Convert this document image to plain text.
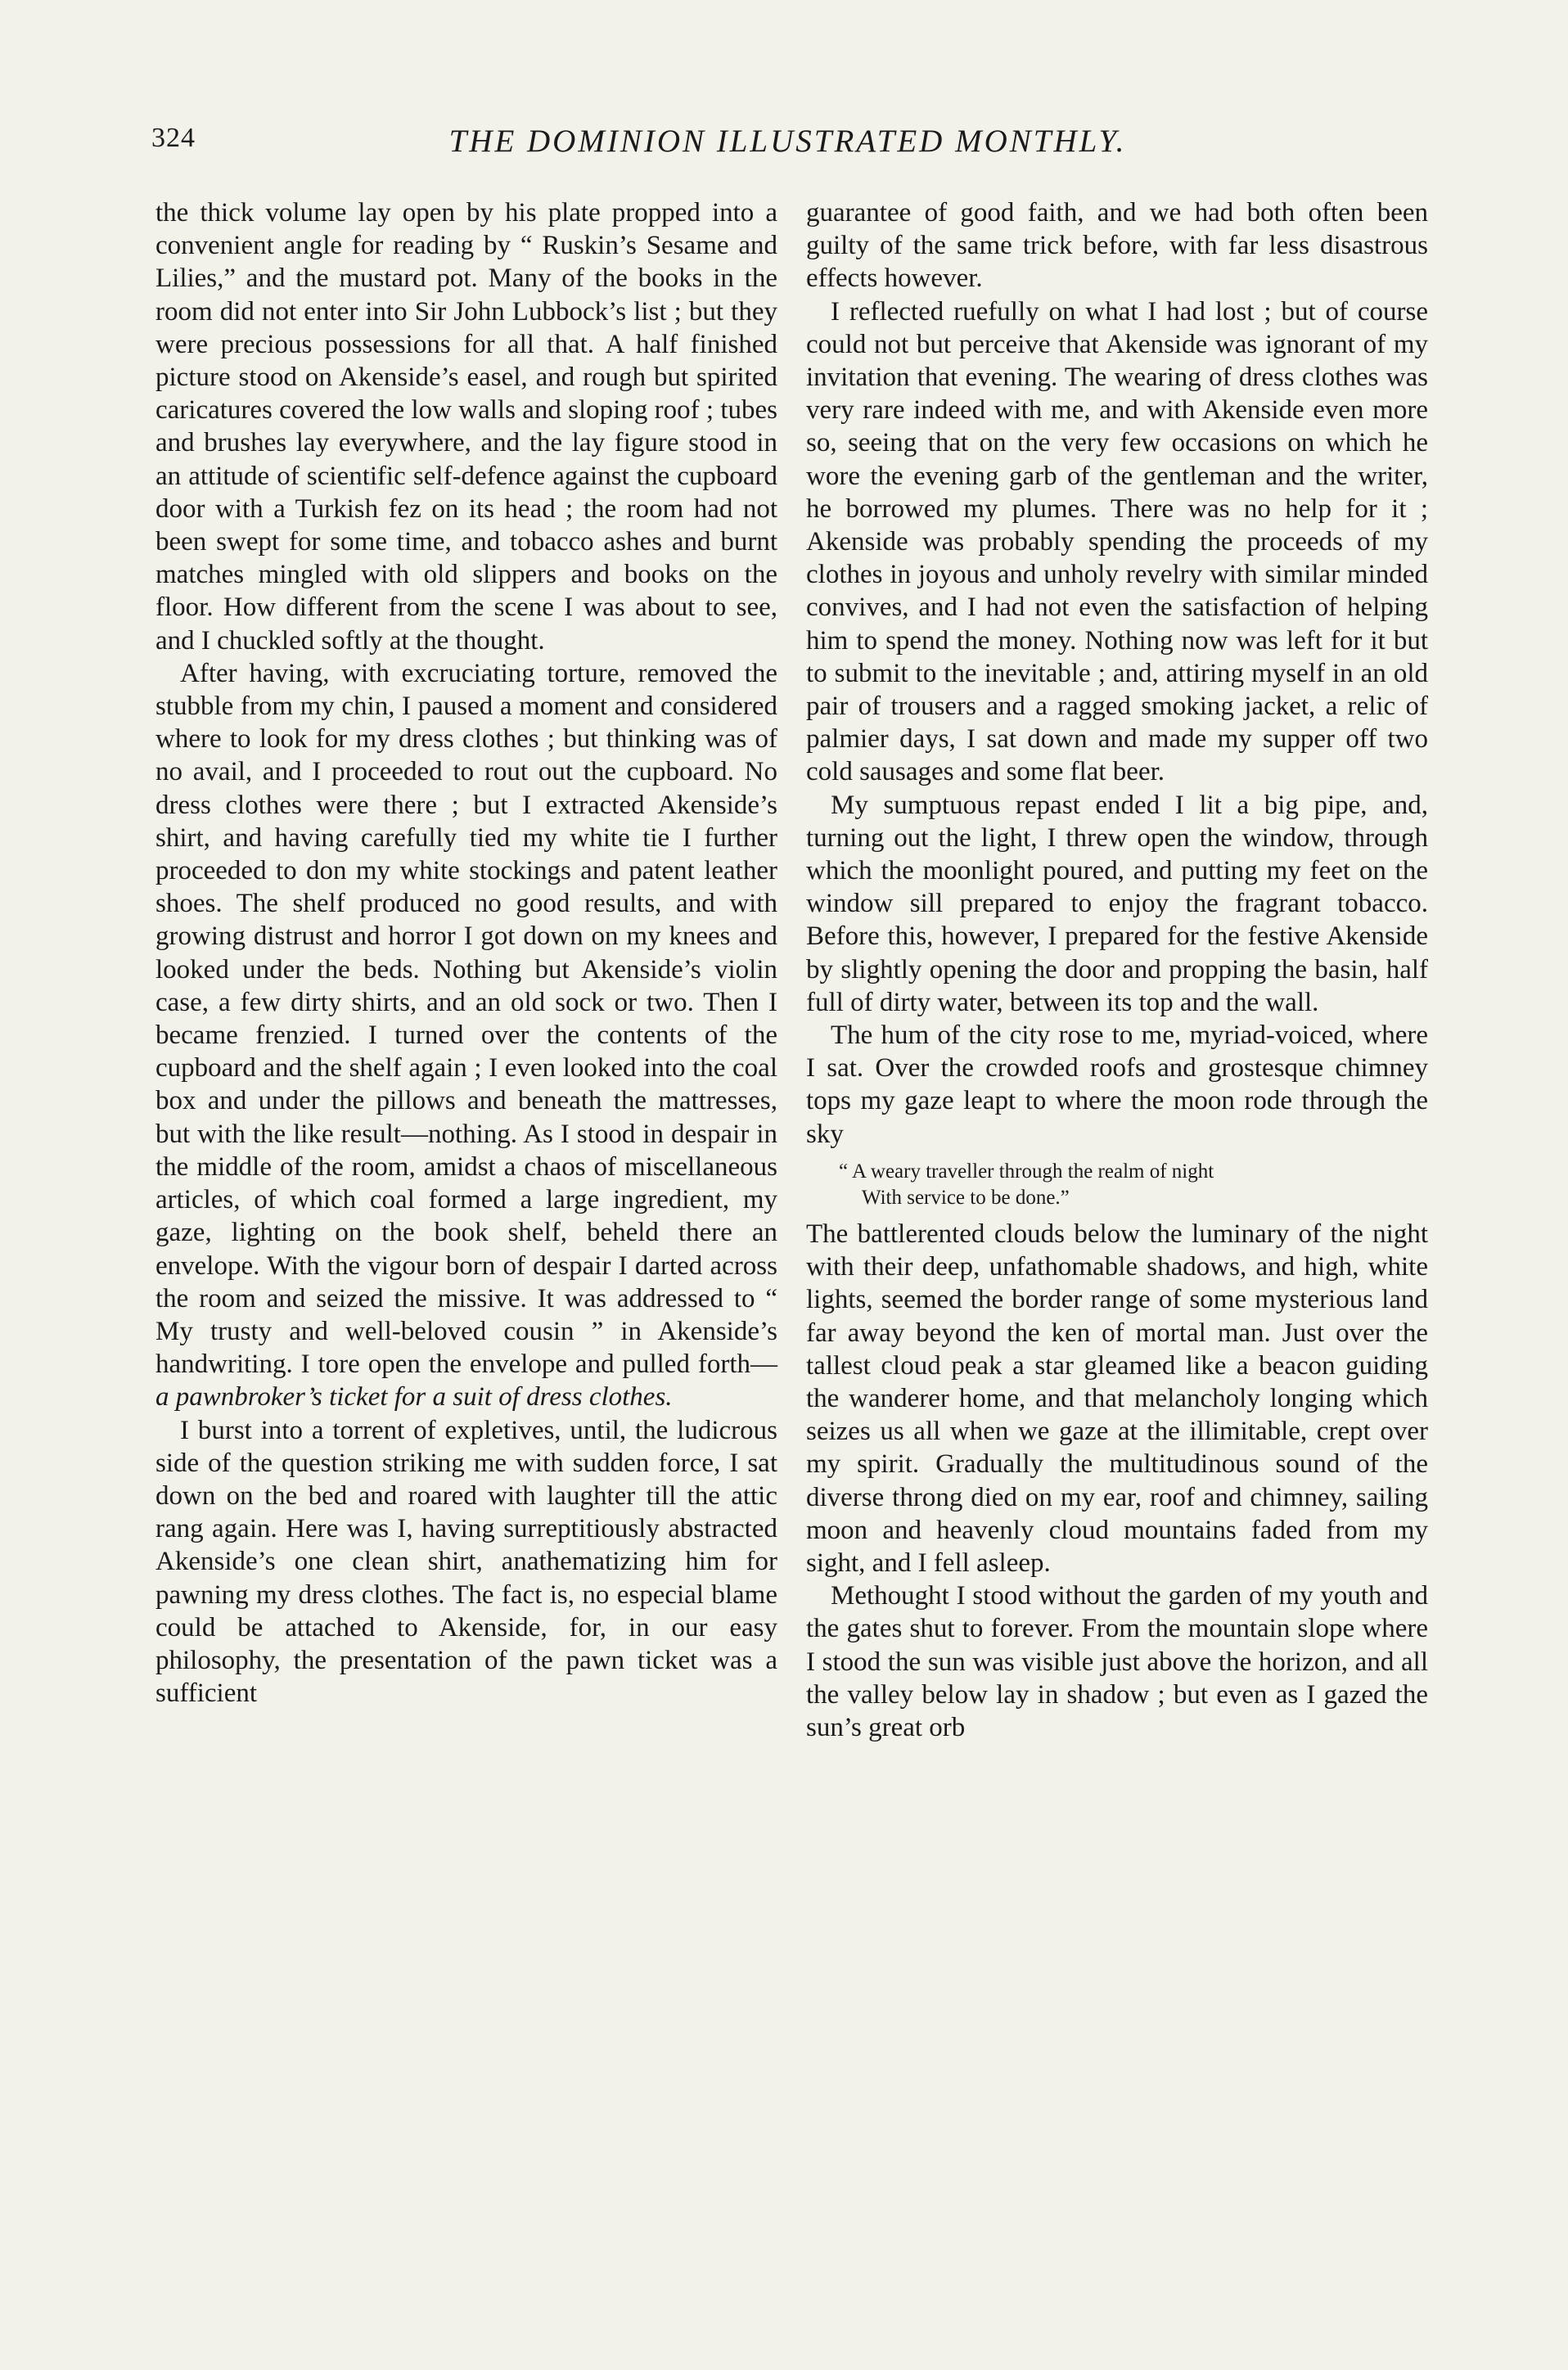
324	THE DOMINION ILLUSTRATED MONTHLY.

the thick volume lay open by his plate propped into a convenient angle for reading by “ Ruskin’s Sesame and Lilies,” and the mustard pot. Many of the books in the room did not enter into Sir John Lubbock’s list ; but they were precious possessions for all that. A half finished picture stood on Akenside’s easel, and rough but spirited caricatures covered the low walls and sloping roof ; tubes and brushes lay everywhere, and the lay figure stood in an attitude of scientific self-defence against the cupboard door with a Turkish fez on its head ; the room had not been swept for some time, and tobacco ashes and burnt matches mingled with old slippers and books on the floor. How different from the scene I was about to see, and I chuckled softly at the thought.

After having, with excruciating torture, removed the stubble from my chin, I paused a moment and considered where to look for my dress clothes ; but thinking was of no avail, and I proceeded to rout out the cupboard. No dress clothes were there ; but I extracted Akenside’s shirt, and having carefully tied my white tie I further proceeded to don my white stockings and patent leather shoes. The shelf produced no good results, and with growing distrust and horror I got down on my knees and looked under the beds. Nothing but Akenside’s violin case, a few dirty shirts, and an old sock or two. Then I became frenzied. I turned over the contents of the cupboard and the shelf again ; I even looked into the coal box and under the pillows and beneath the mattresses, but with the like result—nothing. As I stood in despair in the middle of the room, amidst a chaos of miscellaneous articles, of which coal formed a large ingredient, my gaze, lighting on the book shelf, beheld there an envelope. With the vigour born of despair I darted across the room and seized the missive. It was addressed to “ My trusty and well-beloved cousin ” in Akenside’s handwriting. I tore open the envelope and pulled forth—a pawnbroker’s ticket for a suit of dress clothes.

I burst into a torrent of expletives, until, the ludicrous side of the question striking me with sudden force, I sat down on the bed and roared with laughter till the attic rang again. Here was I, having surreptitiously abstracted Akenside’s one clean shirt, anathematizing him for pawning my dress clothes. The fact is, no especial blame could be attached to Akenside, for, in our easy philosophy, the presentation of the pawn ticket was a sufficient

guarantee of good faith, and we had both often been guilty of the same trick before, with far less disastrous effects however.

I reflected ruefully on what I had lost ; but of course could not but perceive that Akenside was ignorant of my invitation that evening. The wearing of dress clothes was very rare indeed with me, and with Akenside even more so, seeing that on the very few occasions on which he wore the evening garb of the gentleman and the writer, he borrowed my plumes. There was no help for it ; Akenside was probably spending the proceeds of my clothes in joyous and unholy revelry with similar minded convives, and I had not even the satisfaction of helping him to spend the money. Nothing now was left for it but to submit to the inevitable ; and, attiring myself in an old pair of trousers and a ragged smoking jacket, a relic of palmier days, I sat down and made my supper off two cold sausages and some flat beer.

My sumptuous repast ended I lit a big pipe, and, turning out the light, I threw open the window, through which the moonlight poured, and putting my feet on the window sill prepared to enjoy the fragrant tobacco. Before this, however, I prepared for the festive Akenside by slightly opening the door and propping the basin, half full of dirty water, between its top and the wall.

The hum of the city rose to me, myriad-voiced, where I sat. Over the crowded roofs and grostesque chimney tops my gaze leapt to where the moon rode through the sky

“ A weary traveller through the realm of night
With service to be done.”

The battlerented clouds below the luminary of the night with their deep, unfathomable shadows, and high, white lights, seemed the border range of some mysterious land far away beyond the ken of mortal man. Just over the tallest cloud peak a star gleamed like a beacon guiding the wanderer home, and that melancholy longing which seizes us all when we gaze at the illimitable, crept over my spirit. Gradually the multitudinous sound of the diverse throng died on my ear, roof and chimney, sailing moon and heavenly cloud mountains faded from my sight, and I fell asleep.

Methought I stood without the garden of my youth and the gates shut to forever. From the mountain slope where I stood the sun was visible just above the horizon, and all the valley below lay in shadow ; but even as I gazed the sun’s great orb
